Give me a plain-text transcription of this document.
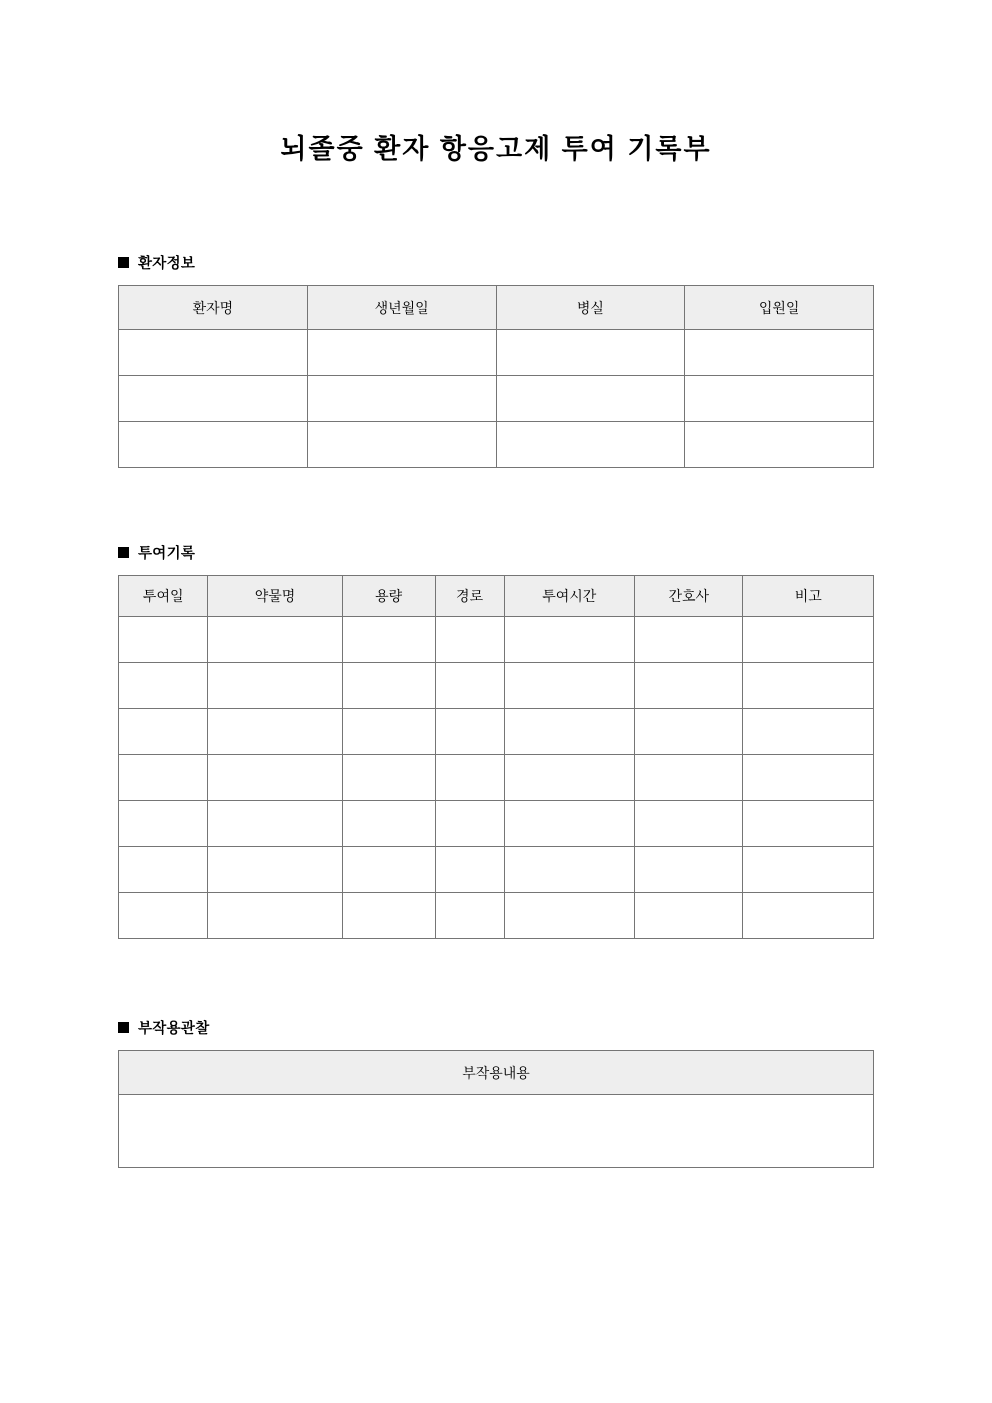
뇌졸중 환자 항응고제 투여 기록부
환자정보
환자명	생년월일	병실	입원일

투여기록
투여일	약물명	용량	경로	투여시간	간호사	비고

부작용관찰
부작용내용
